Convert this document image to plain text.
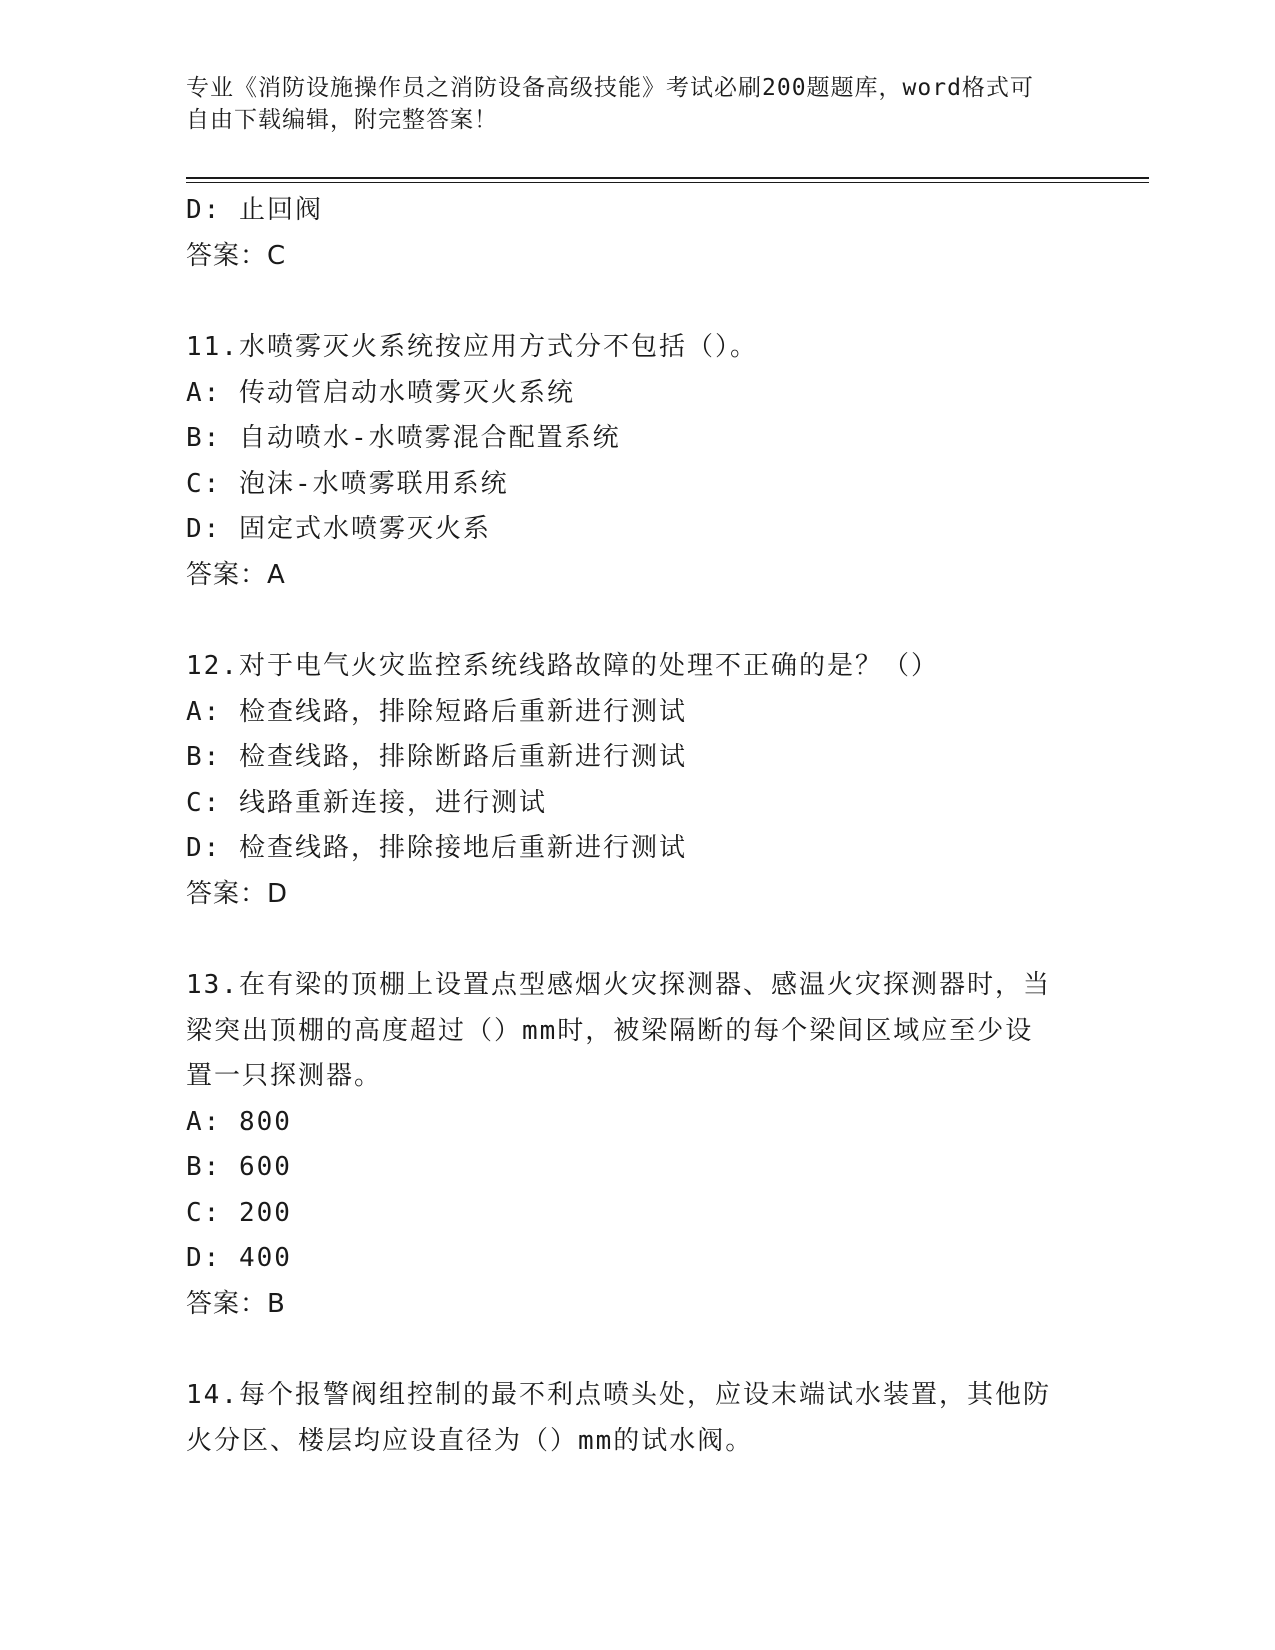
专业《消防设施操作员之消防设备高级技能》考试必刷200题题库，word格式可
自由下载编辑，附完整答案！
D: 止回阀
答案：C
11.水喷雾灭火系统按应用方式分不包括（）。
A: 传动管启动水喷雾灭火系统
B: 自动喷水-水喷雾混合配置系统
C: 泡沫-水喷雾联用系统
D: 固定式水喷雾灭火系
答案：A
12.对于电气火灾监控系统线路故障的处理不正确的是？（）
A: 检查线路，排除短路后重新进行测试
B: 检查线路，排除断路后重新进行测试
C: 线路重新连接，进行测试
D: 检查线路，排除接地后重新进行测试
答案：D
13.在有梁的顶棚上设置点型感烟火灾探测器、感温火灾探测器时，当
梁突出顶棚的高度超过（）mm时，被梁隔断的每个梁间区域应至少设
置一只探测器。
A: 800
B: 600
C: 200
D: 400
答案：B
14.每个报警阀组控制的最不利点喷头处，应设末端试水装置，其他防
火分区、楼层均应设直径为（）mm的试水阀。
